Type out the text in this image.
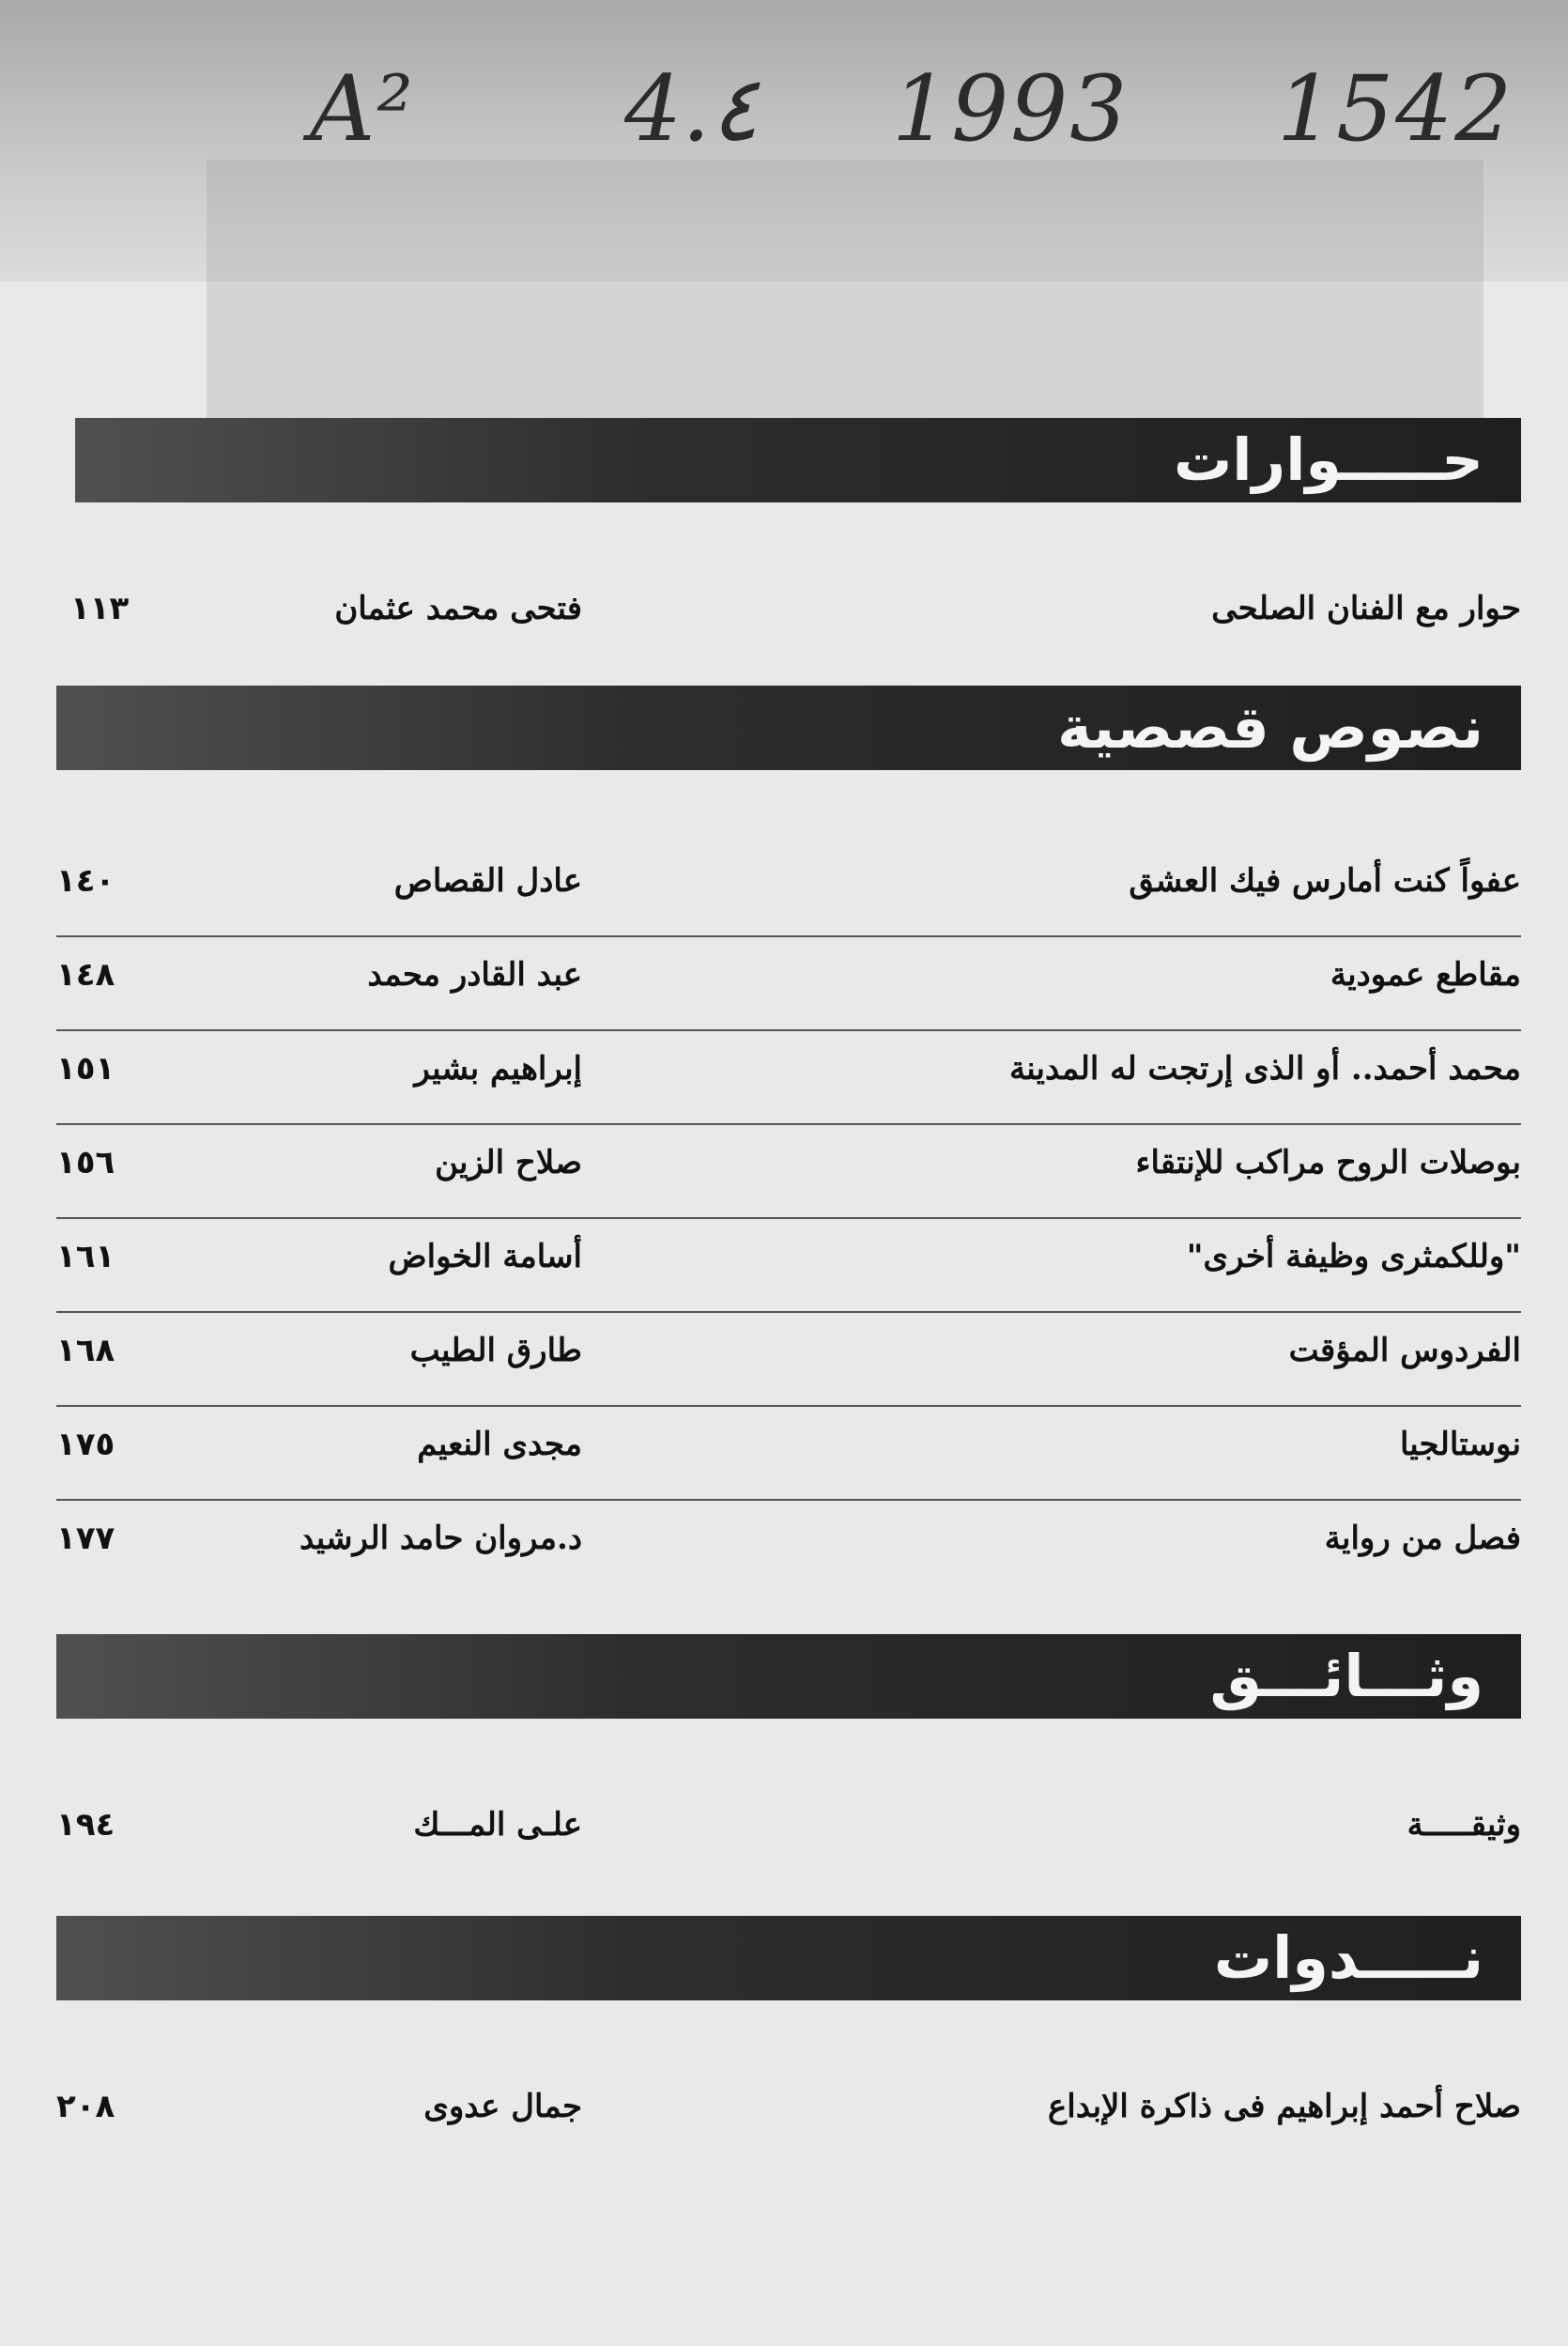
A² 4.٤ 1993 1542
حـــــوارات
حوار مع الفنان الصلحى
فتحى محمد عثمان
١١٣
نصوص قصصية
عفواً كنت أمارس فيك العشق
عادل القصاص
١٤٠
مقاطع عمودية
عبد القادر محمد
١٤٨
محمد أحمد.. أو الذى إرتجت له المدينة
إبراهيم بشير
١٥١
بوصلات الروح مراكب للإنتقاء
صلاح الزين
١٥٦
"وللكمثرى وظيفة أخرى"
أسامة الخواض
١٦١
الفردوس المؤقت
طارق الطيب
١٦٨
نوستالجيا
مجدى النعيم
١٧٥
فصل من رواية
د.مروان حامد الرشيد
١٧٧
وثـــائـــق
وثيقـــــة
علـى المـــك
١٩٤
نـــــدوات
صلاح أحمد إبراهيم فى ذاكرة الإبداع
جمال عدوى
٢٠٨
